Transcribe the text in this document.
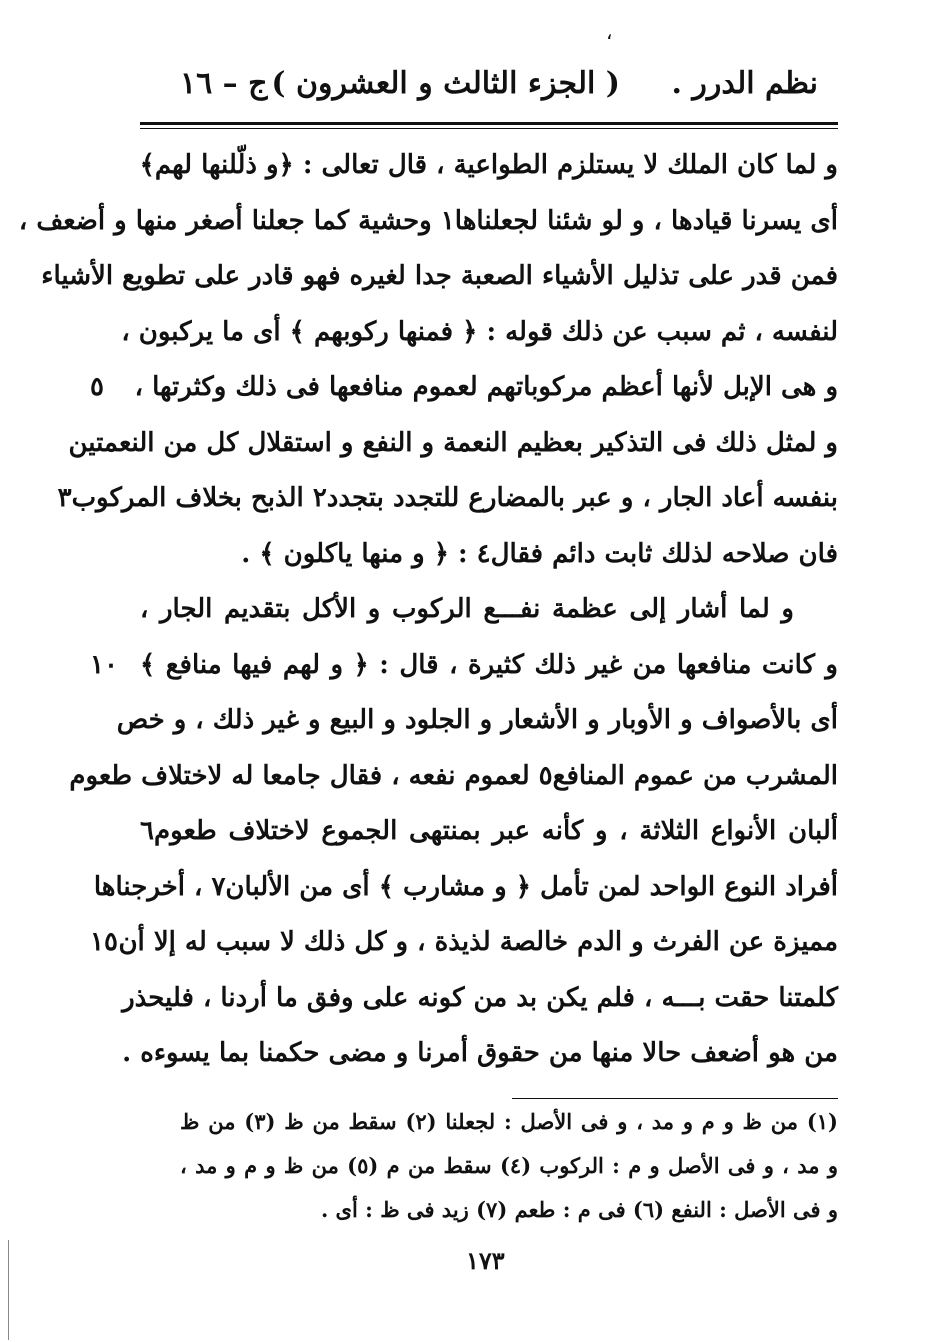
،
نظم الدرر .
( الجزء الثالث و العشرون )
ج – ١٦
و لما كان الملك لا يستلزم الطواعية ، قال تعالى : ﴿و ذلّلنها لهم﴾
أى يسرنا قيادها ، و لو شئنا لجعلناها١ وحشية كما جعلنا أصغر منها و أضعف ،
فمن قدر على تذليل الأشياء الصعبة جدا لغيره فهو قادر على تطويع الأشياء
لنفسه ، ثم سبب عن ذلك قوله : ﴿ فمنها ركوبهم ﴾ أى ما يركبون ،
و هى الإبل لأنها أعظم مركوباتهم لعموم منافعها فى ذلك وكثرتها ،
٥
و لمثل ذلك فى التذكير بعظيم النعمة و النفع و استقلال كل من النعمتين
بنفسه أعاد الجار ، و عبر بالمضارع للتجدد بتجدد٢ الذبح بخلاف المركوب٣
فان صلاحه لذلك ثابت دائم فقال٤ : ﴿ و منها ياكلون ﴾ .
و لما أشار إلى عظمة نفـــع الركوب و الأكل بتقديم الجار ،
و كانت منافعها من غير ذلك كثيرة ، قال : ﴿ و لهم فيها منافع ﴾
١٠
أى بالأصواف و الأوبار و الأشعار و الجلود و البيع و غير ذلك ، و خص
المشرب من عموم المنافع٥ لعموم نفعه ، فقال جامعا له لاختلاف طعوم
ألبان الأنواع الثلاثة ، و كأنه عبر بمنتهى الجموع لاختلاف طعوم٦
أفراد النوع الواحد لمن تأمل ﴿ و مشارب ﴾ أى من الألبان٧ ، أخرجناها
مميزة عن الفرث و الدم خالصة لذيذة ، و كل ذلك لا سبب له إلا أن
١٥
كلمتنا حقت بـــه ، فلم يكن بد من كونه على وفق ما أردنا ، فليحذر
من هو أضعف حالا منها من حقوق أمرنا و مضى حكمنا بما يسوءه .
(١) من ظ و م و مد ، و فى الأصل : لجعلنا (٢) سقط من ظ (٣) من ظ
و مد ، و فى الأصل و م : الركوب (٤) سقط من م (٥) من ظ و م و مد ،
و فى الأصل : النفع (٦) فى م : طعم (٧) زيد فى ظ : أى .
١٧٣
